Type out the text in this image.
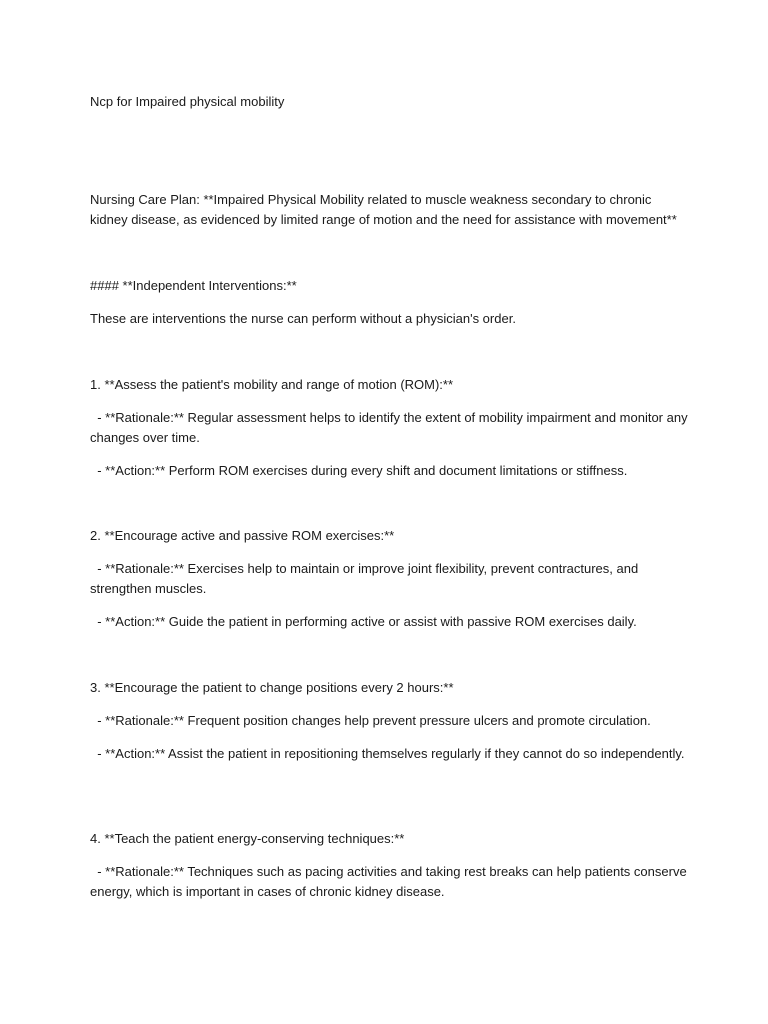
Ncp for Impaired physical mobility

Nursing Care Plan: **Impaired Physical Mobility related to muscle weakness secondary to chronic kidney disease, as evidenced by limited range of motion and the need for assistance with movement**

#### **Independent Interventions:**

These are interventions the nurse can perform without a physician's order.

1. **Assess the patient's mobility and range of motion (ROM):**

- **Rationale:** Regular assessment helps to identify the extent of mobility impairment and monitor any changes over time.

- **Action:** Perform ROM exercises during every shift and document limitations or stiffness.

2. **Encourage active and passive ROM exercises:**

- **Rationale:** Exercises help to maintain or improve joint flexibility, prevent contractures, and strengthen muscles.

- **Action:** Guide the patient in performing active or assist with passive ROM exercises daily.

3. **Encourage the patient to change positions every 2 hours:**

- **Rationale:** Frequent position changes help prevent pressure ulcers and promote circulation.

- **Action:** Assist the patient in repositioning themselves regularly if they cannot do so independently.

4. **Teach the patient energy-conserving techniques:**

- **Rationale:** Techniques such as pacing activities and taking rest breaks can help patients conserve energy, which is important in cases of chronic kidney disease.
